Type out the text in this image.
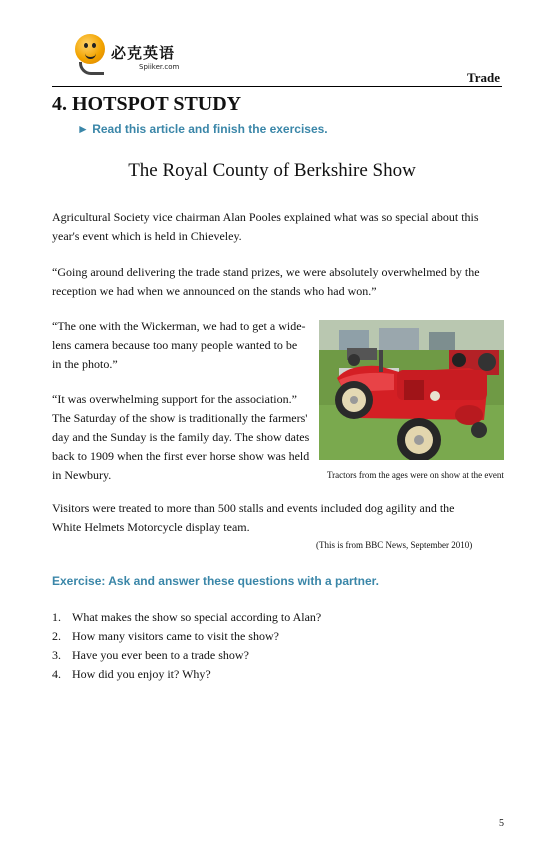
必克英语
Spiiker.com
Trade
4. HOTSPOT STUDY
► Read this article and finish the exercises.
The Royal County of Berkshire Show

Agricultural Society vice chairman Alan Pooles explained what was so special about this year's event which is held in Chieveley.

“Going around delivering the trade stand prizes, we were absolutely overwhelmed by the reception we had when we announced on the stands who had won.”

“The one with the Wickerman, we had to get a wide-lens camera because too many people wanted to be in the photo.”

“It was overwhelming support for the association.” The Saturday of the show is traditionally the farmers' day and the Sunday is the family day. The show dates back to 1909 when the first ever horse show was held in Newbury.	Tractors from the ages were on show at the event

Visitors were treated to more than 500 stalls and events included dog agility and the White Helmets Motorcycle display team.

(This is from BBC News, September 2010)
Exercise: Ask and answer these questions with a partner.
1. What makes the show so special according to Alan?
2. How many visitors came to visit the show?
3. Have you ever been to a trade show?
4. How did you enjoy it? Why?
5
